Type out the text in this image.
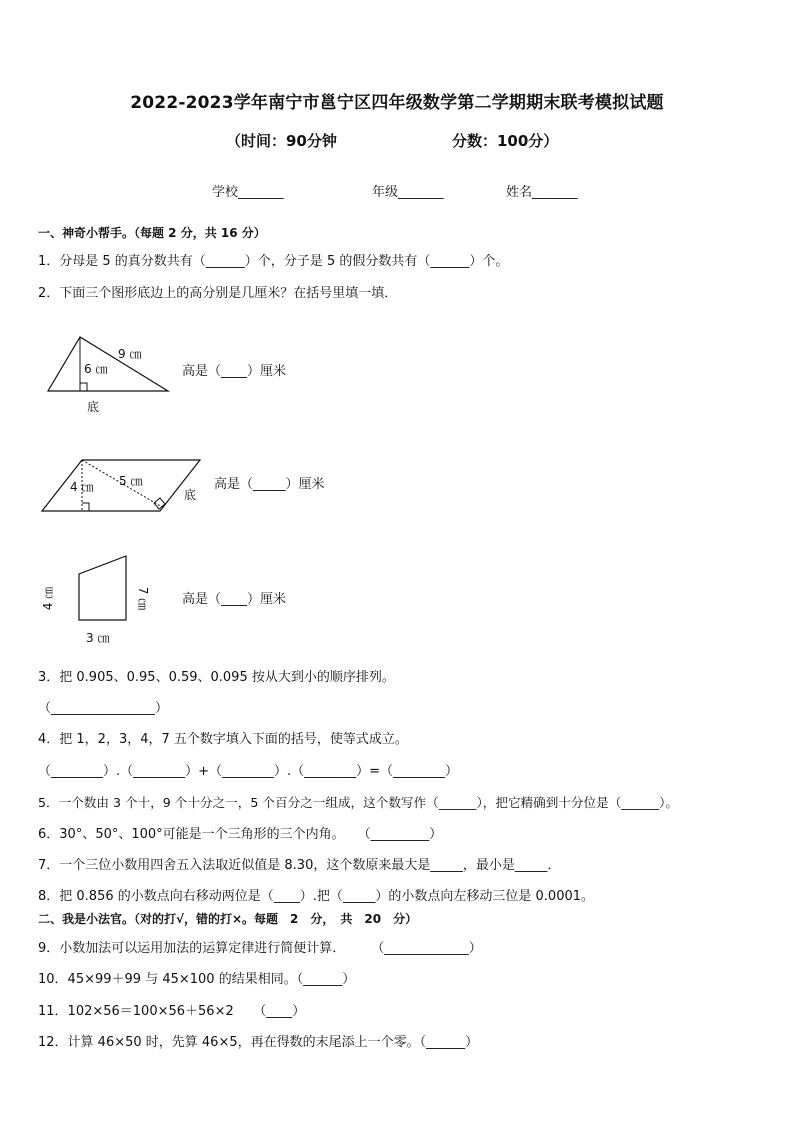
2022-2023学年南宁市邕宁区四年级数学第二学期期末联考模拟试题
（时间：90分钟	分数：100分）
学校_______	年级_______	姓名_______
一、神奇小帮手。（每题 2 分，共 16 分）
1．分母是 5 的真分数共有（______）个，分子是 5 的假分数共有（______）个。
2．下面三个图形底边上的高分别是几厘米？在括号里填一填．
9 ㎝
6 ㎝
底
高是（____）厘米
4 ㎝ 5 ㎝
底
高是（_____）厘米
4 ㎝	7 ㎝
3 ㎝
高是（____）厘米
3．把 0.905、0.95、0.59、0.095 按从大到小的顺序排列。
（________________）
4．把 1，2，3，4，7 五个数字填入下面的括号，使等式成立。
（________）.（________）+（________）.（________）=（________）
5．一个数由 3 个十，9 个十分之一，5 个百分之一组成，这个数写作（______），把它精确到十分位是（______）。
6．30°、50°、100°可能是一个三角形的三个内角。　　（_________）
7．一个三位小数用四舍五入法取近似值是 8.30，这个数原来最大是_____，最小是_____．
8．把 0.856 的小数点向右移动两位是（____）.把（_____）的小数点向左移动三位是 0.0001。
二、我是小法官。（对的打√，错的打×。每题　2　分，　共　20　分）
9．小数加法可以运用加法的运算定律进行简便计算．　　　（_____________）
10．45×99＋99 与 45×100 的结果相同。（______）
11．102×56＝100×56＋56×2　　（____）
12．计算 46×50 时，先算 46×5，再在得数的末尾添上一个零。（______）
